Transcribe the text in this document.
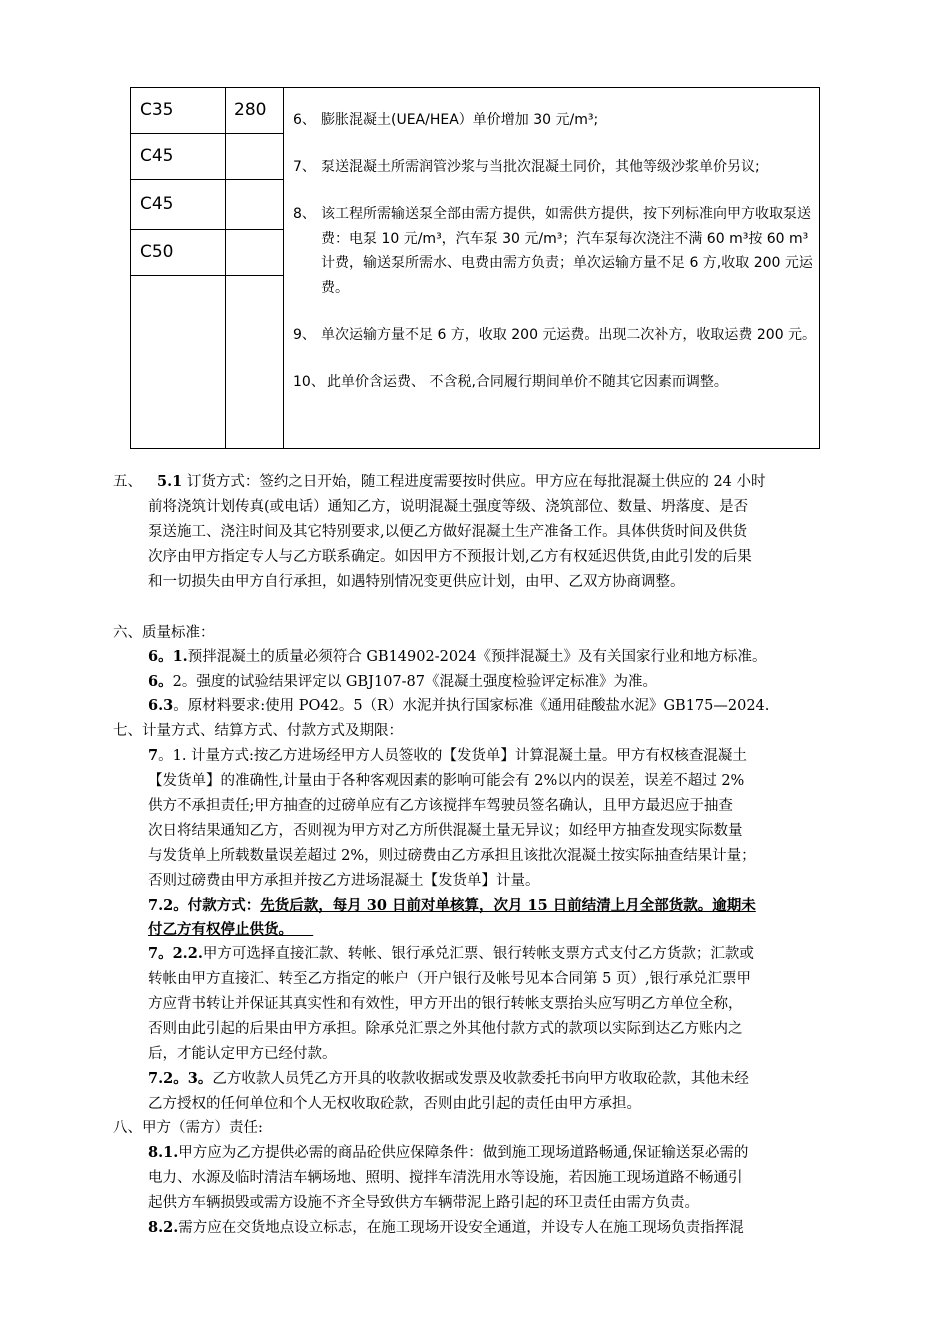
C35
C45
C45
C50
280	6、 膨胀混凝土(UEA/HEA）单价增加 30 元/m³;
7、 泵送混凝土所需润管沙浆与当批次混凝土同价，其他等级沙浆单价另议;
8、 该工程所需输送泵全部由需方提供，如需供方提供，按下列标准向甲方收取泵送费：电泵 10 元/m³，汽车泵 30 元/m³；汽车泵每次浇注不满 60 m³按 60 m³计费，输送泵所需水、电费由需方负责；单次运输方量不足 6 方,收取 200 元运费。
9、 单次运输方量不足 6 方，收取 200 元运费。出现二次补方，收取运费 200 元。
10、 此单价含运费、 不含税,合同履行期间单价不随其它因素而调整。
五、 5.1 订货方式：签约之日开始，随工程进度需要按时供应。甲方应在每批混凝土供应的 24 小时
前将浇筑计划传真(或电话）通知乙方，说明混凝土强度等级、浇筑部位、数量、坍落度、是否
泵送施工、浇注时间及其它特别要求,以便乙方做好混凝土生产准备工作。具体供货时间及供货
次序由甲方指定专人与乙方联系确定。如因甲方不预报计划,乙方有权延迟供货,由此引发的后果
和一切损失由甲方自行承担，如遇特别情况变更供应计划，由甲、乙双方协商调整。
六、质量标准：
6。1.预拌混凝土的质量必须符合 GB14902-2024《预拌混凝土》及有关国家行业和地方标准。
6。2。强度的试验结果评定以 GBJ107-87《混凝土强度检验评定标准》为准。
6.3。原材料要求:使用 PO42。5（R）水泥并执行国家标准《通用硅酸盐水泥》GB175—2024.
七、计量方式、结算方式、付款方式及期限：
7。1. 计量方式:按乙方进场经甲方人员签收的【发货单】计算混凝土量。甲方有权核查混凝土
【发货单】的准确性,计量由于各种客观因素的影响可能会有 2%以内的误差，误差不超过 2%
供方不承担责任;甲方抽查的过磅单应有乙方该搅拌车驾驶员签名确认，且甲方最迟应于抽查
次日将结果通知乙方，否则视为甲方对乙方所供混凝土量无异议；如经甲方抽查发现实际数量
与发货单上所载数量误差超过 2%，则过磅费由乙方承担且该批次混凝土按实际抽查结果计量；
否则过磅费由甲方承担并按乙方进场混凝土【发货单】计量。
7.2。付款方式：先货后款，每月 30 日前对单核算，次月 15 日前结清上月全部货款。逾期未
付乙方有权停止供货。
7。2.2.甲方可选择直接汇款、转帐、银行承兑汇票、银行转帐支票方式支付乙方货款；汇款或
转帐由甲方直接汇、转至乙方指定的帐户（开户银行及帐号见本合同第 5 页）,银行承兑汇票甲
方应背书转让并保证其真实性和有效性，甲方开出的银行转帐支票抬头应写明乙方单位全称，
否则由此引起的后果由甲方承担。除承兑汇票之外其他付款方式的款项以实际到达乙方账内之
后，才能认定甲方已经付款。
7.2。3。乙方收款人员凭乙方开具的收款收据或发票及收款委托书向甲方收取砼款，其他未经
乙方授权的任何单位和个人无权收取砼款，否则由此引起的责任由甲方承担。
八、甲方（需方）责任:
8.1.甲方应为乙方提供必需的商品砼供应保障条件：做到施工现场道路畅通,保证输送泵必需的
电力、水源及临时清洁车辆场地、照明、搅拌车清洗用水等设施，若因施工现场道路不畅通引
起供方车辆损毁或需方设施不齐全导致供方车辆带泥上路引起的环卫责任由需方负责。
8.2.需方应在交货地点设立标志，在施工现场开设安全通道，并设专人在施工现场负责指挥混
